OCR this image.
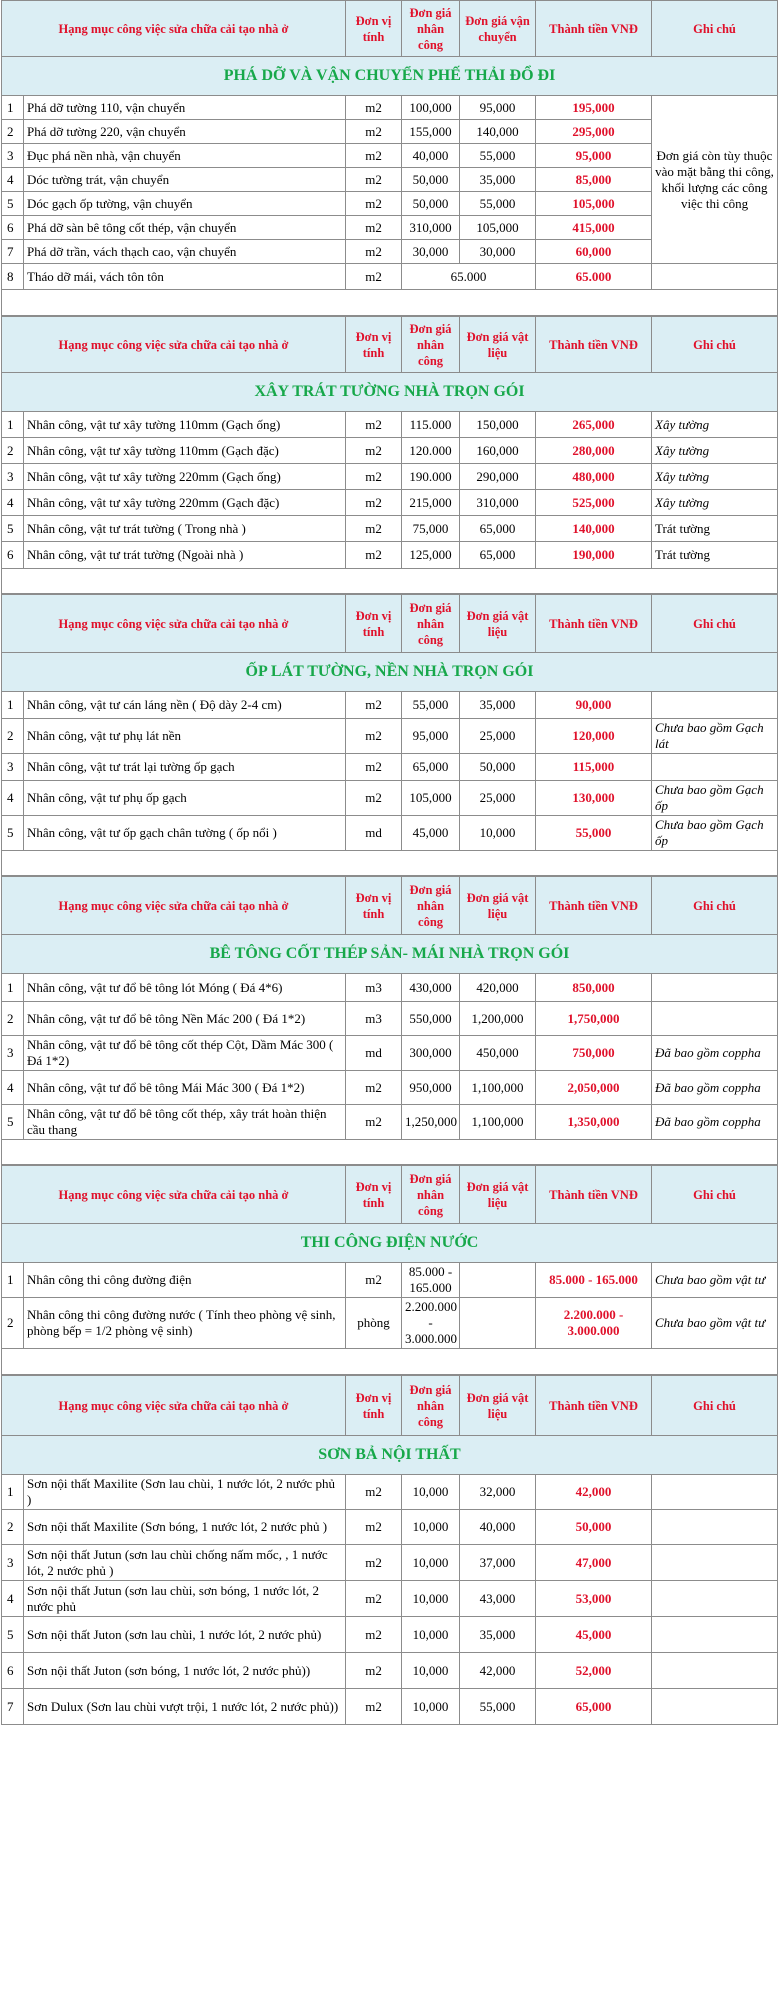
Hạng mục công việc sửa chữa cải tạo nhà ở		Đơn vị tính	Đơn giá nhân công	Đơn giá vận chuyển	Thành tiền VNĐ	Ghi chú
PHÁ DỠ VÀ VẬN CHUYỂN PHẾ THẢI ĐỔ ĐI						
1	Phá dỡ tường 110, vận chuyển	m2	100,000	95,000	195,000	Đơn giá còn tùy thuộc vào mặt bằng thi công, khối lượng các công việc thi công
2	Phá dỡ tường 220, vận chuyển	m2	155,000	140,000	295,000	
3	Đục phá nền nhà, vận chuyển	m2	40,000	55,000	95,000	
4	Dóc tường trát, vận chuyển	m2	50,000	35,000	85,000	
5	Dóc gạch ốp tường, vận chuyển	m2	50,000	55,000	105,000	
6	Phá dỡ sàn bê tông cốt thép, vận chuyển	m2	310,000	105,000	415,000	
7	Phá dỡ trần, vách thạch cao, vận chuyển	m2	30,000	30,000	60,000	
8	Tháo dỡ mái, vách tôn tôn	m2	65.000		65.000	

Hạng mục công việc sửa chữa cải tạo nhà ở		Đơn vị tính	Đơn giá nhân công	Đơn giá vật liệu	Thành tiền VNĐ	Ghi chú
XÂY TRÁT TƯỜNG NHÀ TRỌN GÓI						
1	Nhân công, vật tư xây tường 110mm (Gạch ống)	m2	115.000	150,000	265,000	Xây tường
2	Nhân công, vật tư xây tường 110mm (Gạch đặc)	m2	120.000	160,000	280,000	Xây tường
3	Nhân công, vật tư xây tường 220mm (Gạch ống)	m2	190.000	290,000	480,000	Xây tường
4	Nhân công, vật tư xây tường 220mm (Gạch đặc)	m2	215,000	310,000	525,000	Xây tường
5	Nhân công, vật tư trát tường ( Trong nhà )	m2	75,000	65,000	140,000	Trát tường
6	Nhân công, vật tư trát tường (Ngoài nhà )	m2	125,000	65,000	190,000	Trát tường

Hạng mục công việc sửa chữa cải tạo nhà ở		Đơn vị tính	Đơn giá nhân công	Đơn giá vật liệu	Thành tiền VNĐ	Ghi chú
ỐP LÁT TƯỜNG, NỀN NHÀ TRỌN GÓI						
1	Nhân công, vật tư cán láng nền ( Độ dày 2-4 cm)	m2	55,000	35,000	90,000	
2	Nhân công, vật tư phụ lát nền	m2	95,000	25,000	120,000	Chưa bao gồm Gạch lát
3	Nhân công, vật tư trát lại tường ốp gạch	m2	65,000	50,000	115,000	
4	Nhân công, vật tư phụ ốp gạch	m2	105,000	25,000	130,000	Chưa bao gồm Gạch ốp
5	Nhân công, vật tư ốp gạch chân tường ( ốp nổi )	md	45,000	10,000	55,000	Chưa bao gồm Gạch ốp

Hạng mục công việc sửa chữa cải tạo nhà ở		Đơn vị tính	Đơn giá nhân công	Đơn giá vật liệu	Thành tiền VNĐ	Ghi chú
BÊ TÔNG CỐT THÉP SẢN- MÁI NHÀ TRỌN GÓI						
1	Nhân công, vật tư đổ bê tông lót Móng ( Đá 4*6)	m3	430,000	420,000	850,000	
2	Nhân công, vật tư đổ bê tông Nền Mác 200 ( Đá 1*2)	m3	550,000	1,200,000	1,750,000	
3	Nhân công, vật tư đổ bê tông cốt thép Cột, Dầm Mác 300 ( Đá 1*2)	md	300,000	450,000	750,000	Đã bao gồm coppha
4	Nhân công, vật tư đổ bê tông Mái Mác 300 ( Đá 1*2)	m2	950,000	1,100,000	2,050,000	Đã bao gồm coppha
5	Nhân công, vật tư đổ bê tông cốt thép, xây trát hoàn thiện cầu thang	m2	1,250,000	1,100,000	1,350,000	Đã bao gồm coppha

Hạng mục công việc sửa chữa cải tạo nhà ở		Đơn vị tính	Đơn giá nhân công	Đơn giá vật liệu	Thành tiền VNĐ	Ghi chú
THI CÔNG ĐIỆN NƯỚC						
1	Nhân công thi công đường điện	m2	85.000 - 165.000		85.000 - 165.000	Chưa bao gồm vật tư
2	Nhân công thi công đường nước ( Tính theo phòng vệ sinh, phòng bếp = 1/2 phòng vệ sinh)	phòng	2.200.000 - 3.000.000		2.200.000 - 3.000.000	Chưa bao gồm vật tư

Hạng mục công việc sửa chữa cải tạo nhà ở		Đơn vị tính	Đơn giá nhân công	Đơn giá vật liệu	Thành tiền VNĐ	Ghi chú
SƠN BẢ NỘI THẤT						
1	Sơn nội thất Maxilite (Sơn lau chùi, 1 nước lót, 2 nước phủ )	m2	10,000	32,000	42,000	
2	Sơn nội thất Maxilite (Sơn bóng, 1 nước lót, 2 nước phủ )	m2	10,000	40,000	50,000	
3	Sơn nội thất Jutun (sơn lau chùi chống nấm mốc, , 1 nước lót, 2 nước phủ )	m2	10,000	37,000	47,000	
4	Sơn nội thất Jutun (sơn lau chùi, sơn bóng, 1 nước lót, 2 nước phủ	m2	10,000	43,000	53,000	
5	Sơn nội thất Juton (sơn lau chùi, 1 nước lót, 2 nước phủ)	m2	10,000	35,000	45,000	
6	Sơn nội thất Juton (sơn bóng, 1 nước lót, 2 nước phủ))	m2	10,000	42,000	52,000	
7	Sơn Dulux (Sơn lau chùi vượt trội, 1 nước lót, 2 nước phủ))	m2	10,000	55,000	65,000	
